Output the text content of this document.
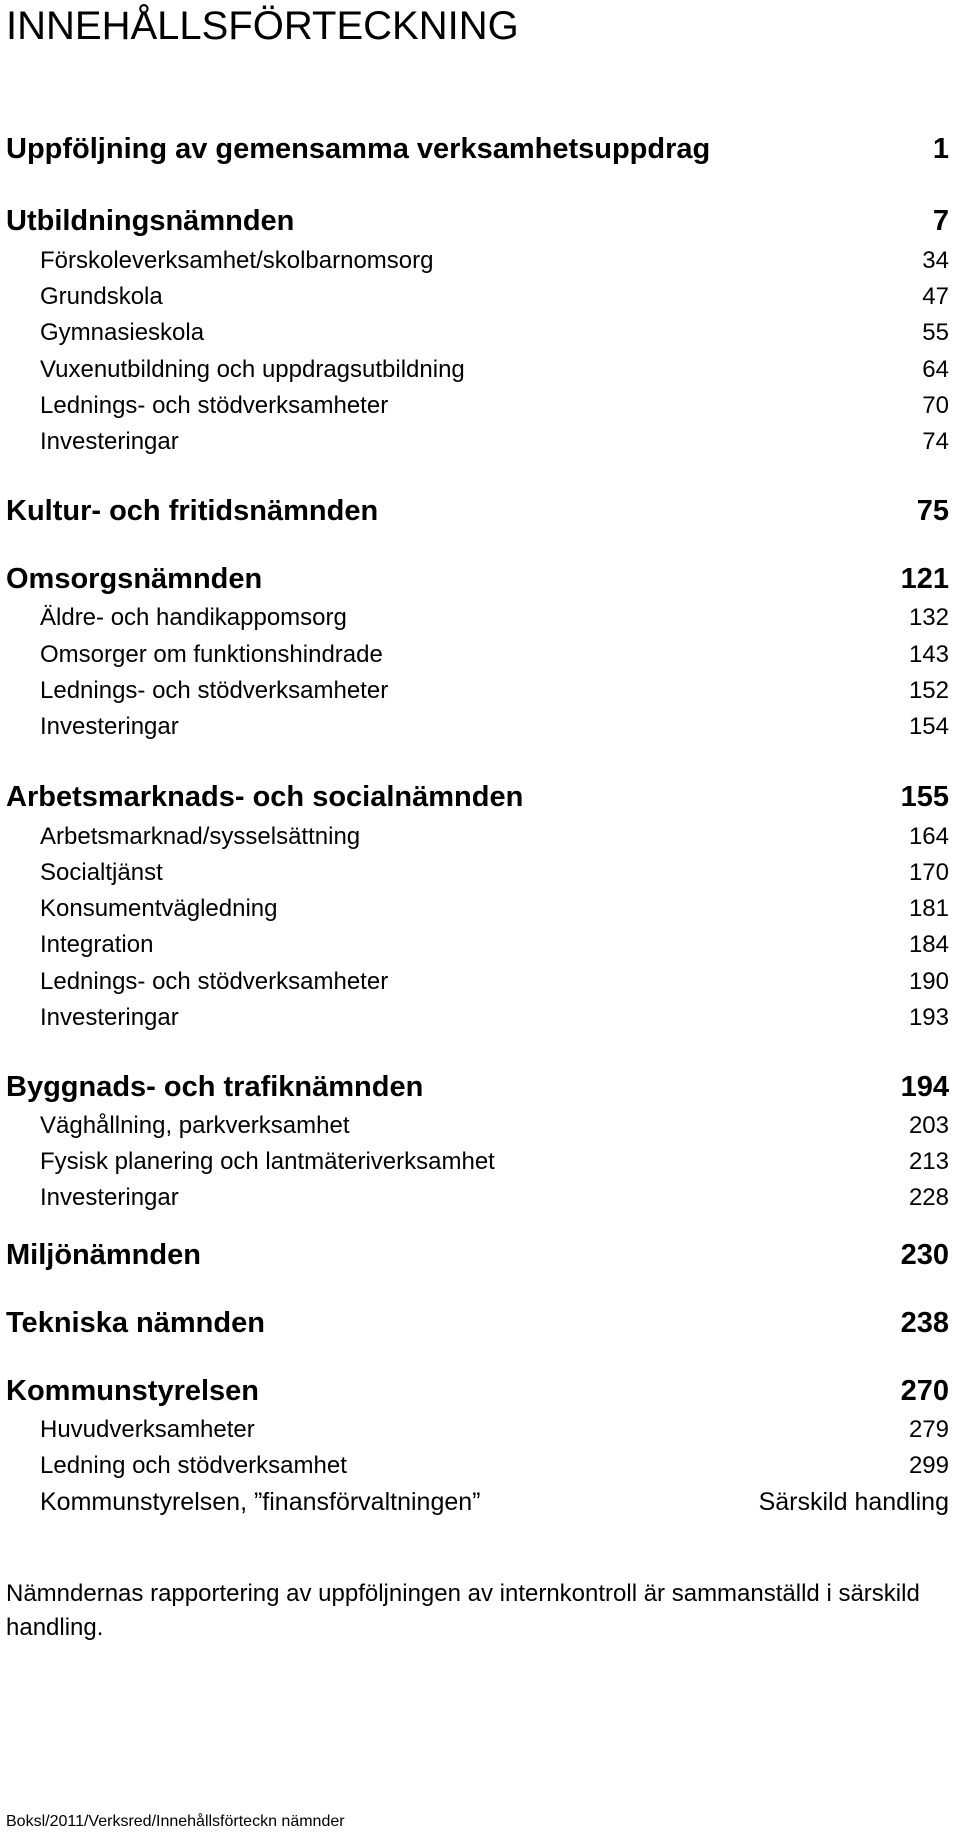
INNEHÅLLSFÖRTECKNING
Uppföljning av gemensamma verksamhetsuppdrag	1
Utbildningsnämnden	7
Förskoleverksamhet/skolbarnomsorg	34
Grundskola	47
Gymnasieskola	55
Vuxenutbildning och uppdragsutbildning	64
Lednings- och stödverksamheter	70
Investeringar	74
Kultur- och fritidsnämnden	75
Omsorgsnämnden	121
Äldre- och handikappomsorg	132
Omsorger om funktionshindrade	143
Lednings- och stödverksamheter	152
Investeringar	154
Arbetsmarknads- och socialnämnden	155
Arbetsmarknad/sysselsättning	164
Socialtjänst	170
Konsumentvägledning	181
Integration	184
Lednings- och stödverksamheter	190
Investeringar	193
Byggnads- och trafiknämnden	194
Väghållning, parkverksamhet	203
Fysisk planering och lantmäteriverksamhet	213
Investeringar	228
Miljönämnden	230
Tekniska nämnden	238
Kommunstyrelsen	270
Huvudverksamheter	279
Ledning och stödverksamhet	299
Kommunstyrelsen, ”finansförvaltningen”	Särskild handling

Nämndernas rapportering av uppföljningen av internkontroll är sammanställd i särskild handling.

Boksl/2011/Verksred/Innehållsförteckn nämnder
